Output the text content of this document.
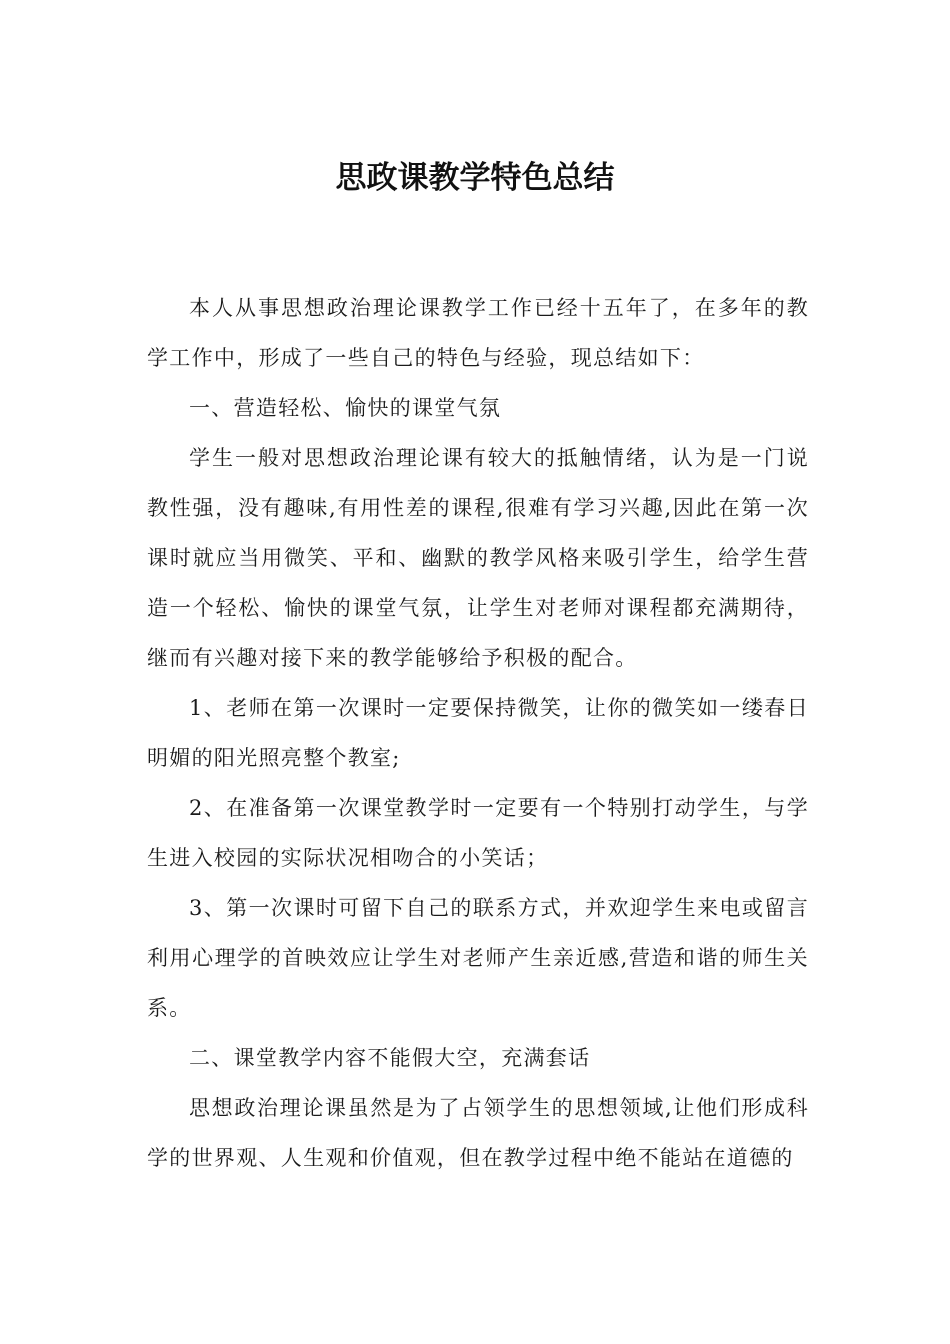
思政课教学特色总结

本人从事思想政治理论课教学工作已经十五年了，在多年的教学工作中，形成了一些自己的特色与经验，现总结如下：

一、营造轻松、愉快的课堂气氛

学生一般对思想政治理论课有较大的抵触情绪，认为是一门说教性强，没有趣味,有用性差的课程,很难有学习兴趣,因此在第一次课时就应当用微笑、平和、幽默的教学风格来吸引学生，给学生营造一个轻松、愉快的课堂气氛，让学生对老师对课程都充满期待，继而有兴趣对接下来的教学能够给予积极的配合。

1、老师在第一次课时一定要保持微笑，让你的微笑如一缕春日明媚的阳光照亮整个教室;

2、在准备第一次课堂教学时一定要有一个特别打动学生，与学生进入校园的实际状况相吻合的小笑话；

3、第一次课时可留下自己的联系方式，并欢迎学生来电或留言利用心理学的首映效应让学生对老师产生亲近感,营造和谐的师生关系。

二、课堂教学内容不能假大空，充满套话

思想政治理论课虽然是为了占领学生的思想领域,让他们形成科学的世界观、人生观和价值观，但在教学过程中绝不能站在道德的
